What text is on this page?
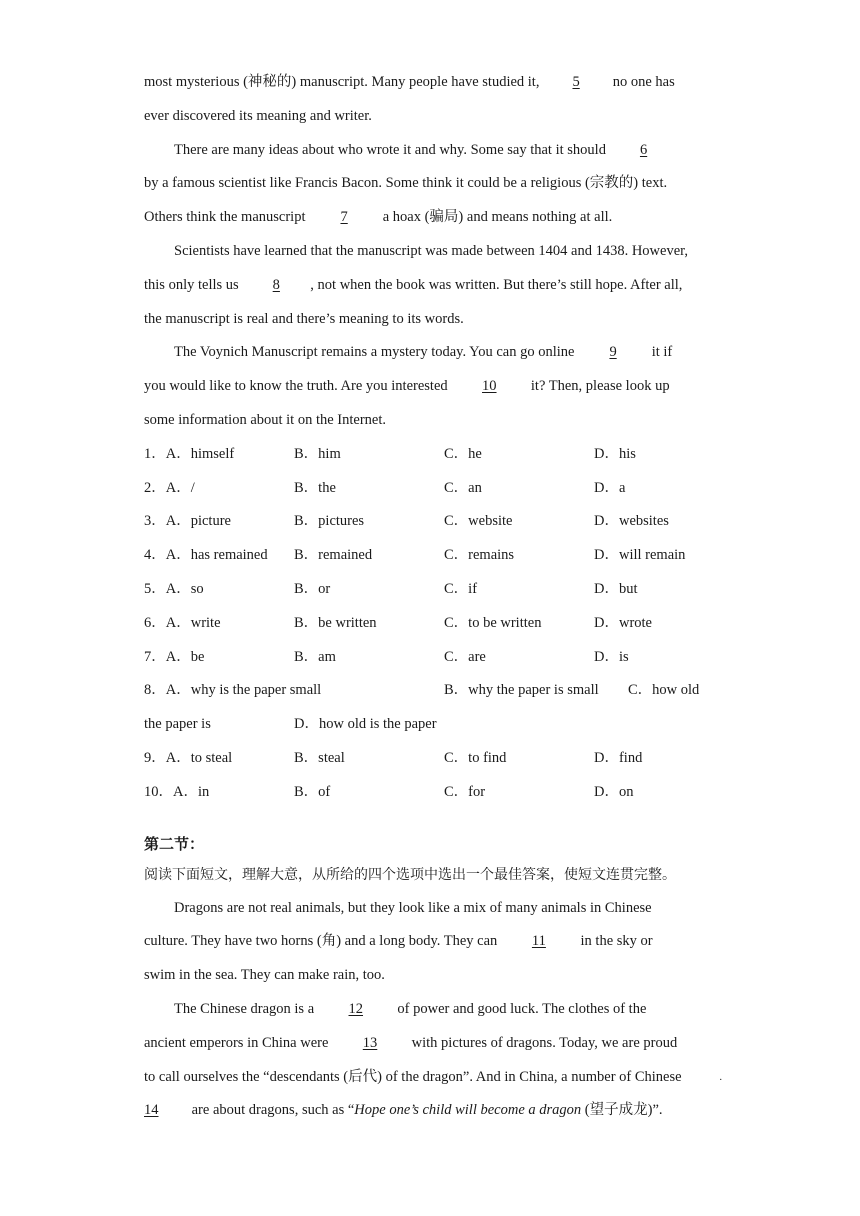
most mysterious (神秘的) manuscript. Many people have studied it, 5 no one has
ever discovered its meaning and writer.
There are many ideas about who wrote it and why. Some say that it should 6
by a famous scientist like Francis Bacon. Some think it could be a religious (宗教的) text.
Others think the manuscript 7 a hoax (骗局) and means nothing at all.
Scientists have learned that the manuscript was made between 1404 and 1438. However,
this only tells us 8 , not when the book was written. But there’s still hope. After all,
the manuscript is real and there’s meaning to its words.
The Voynich Manuscript remains a mystery today. You can go online 9 it if
you would like to know the truth. Are you interested 10 it? Then, please look up
some information about it on the Internet.
1．A．himself	B．him	C．he	D．his
2．A．/	B．the	C．an	D．a
3．A．picture	B．pictures	C．website	D．websites
4．A．has remained B．remained	C．remains	D．will remain
5．A．so	B．or	C．if	D．but
6．A．write	B．be written	C．to be written	D．wrote
7．A．be	B．am	C．are	D．is
8．A．why is the paper small	B．why the paper is small C．how old
the paper is	D．how old is the paper
9．A．to steal	B．steal	C．to find	D．find
10．A．in	B．of	C．for	D．on
第二节：
阅读下面短文，理解大意，从所给的四个选项中选出一个最佳答案，使短文连贯完整。
Dragons are not real animals, but they look like a mix of many animals in Chinese
culture. They have two horns (角) and a long body. They can 11 in the sky or
swim in the sea. They can make rain, too.
The Chinese dragon is a 12 of power and good luck. The clothes of the
ancient emperors in China were 13 with pictures of dragons. Today, we are proud
to call ourselves the “descendants (后代) of the dragon”. And in China, a number of Chinese	.
14 are about dragons, such as “Hope one’s child will become a dragon (望子成龙)”.
